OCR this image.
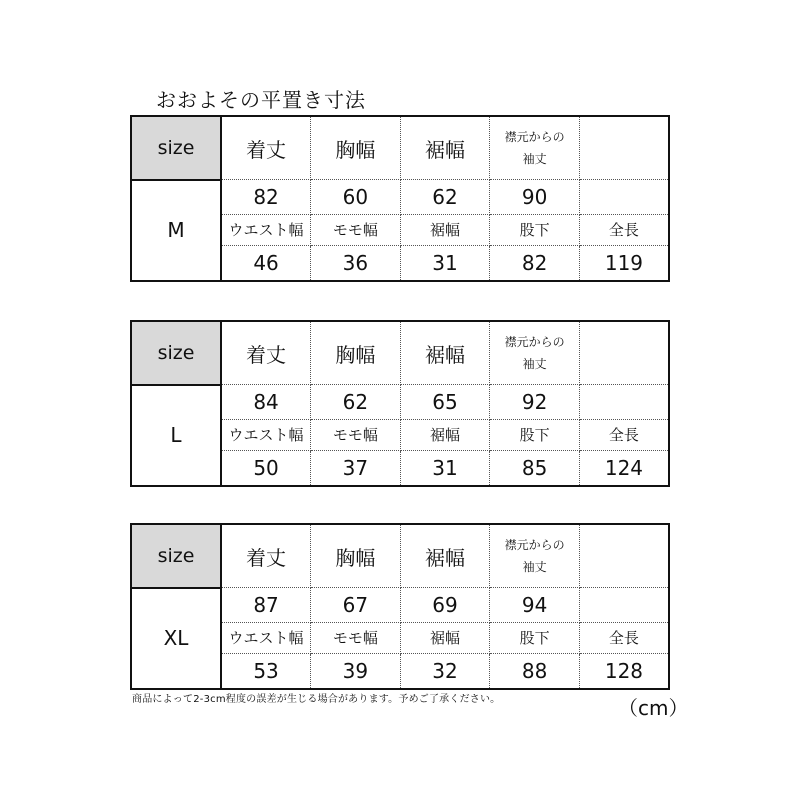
おおよその平置き寸法
size	着丈	胸幅	裾幅	襟元からの
袖丈	
M	82	60	62	90	
	ウエスト幅	モモ幅	裾幅	股下	全長
	46	36	31	82	119
size	着丈	胸幅	裾幅	襟元からの
袖丈	
L	84	62	65	92	
	ウエスト幅	モモ幅	裾幅	股下	全長
	50	37	31	85	124
size	着丈	胸幅	裾幅	襟元からの
袖丈	
XL	87	67	69	94	
	ウエスト幅	モモ幅	裾幅	股下	全長
	53	39	32	88	128
商品によって2-3cm程度の誤差が生じる場合があります。予めご了承ください。	（cm）
